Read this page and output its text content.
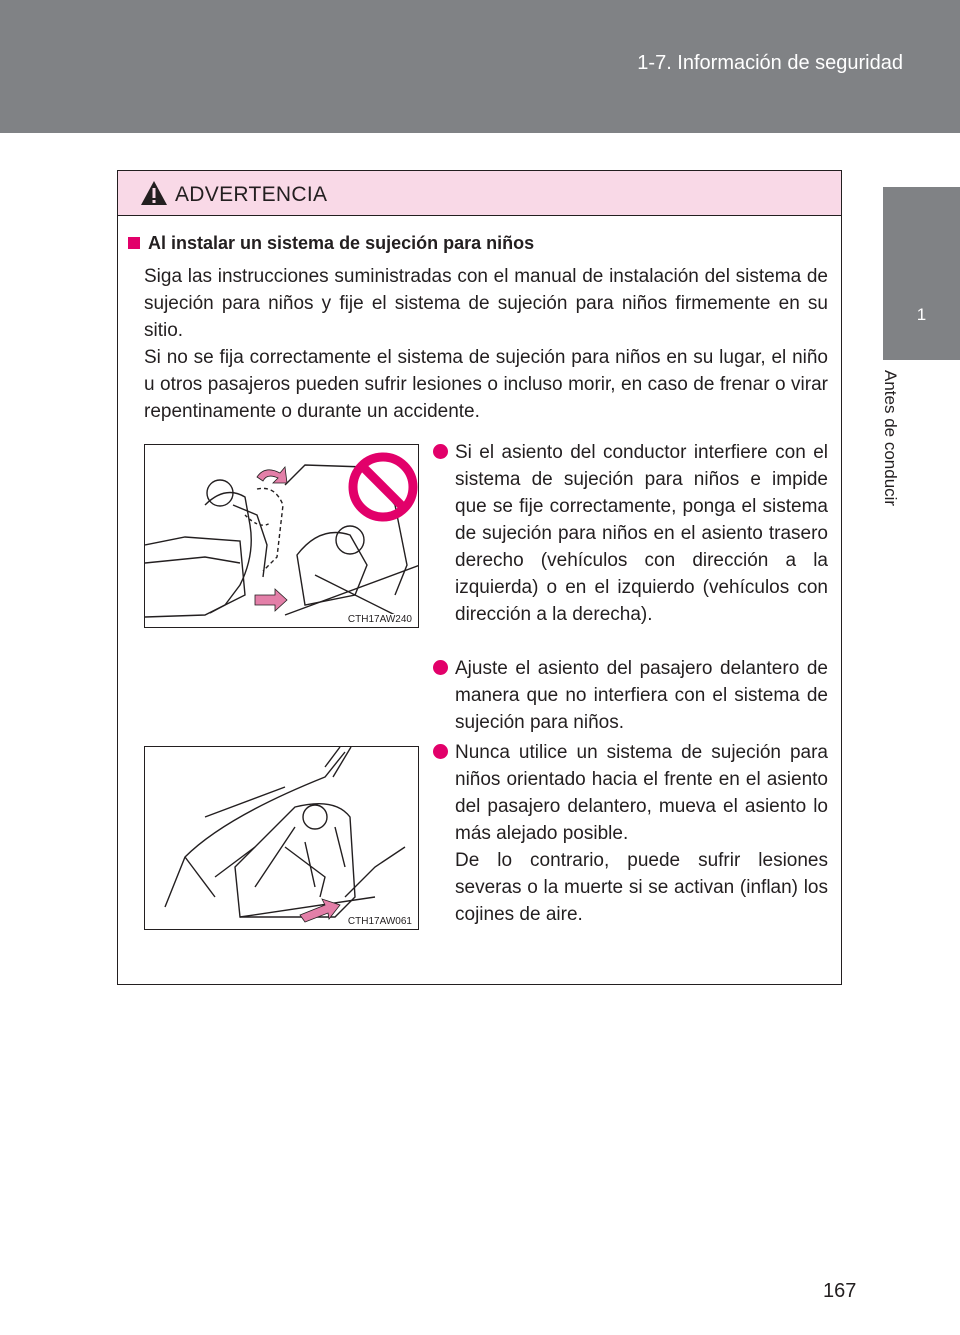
1-7. Información de seguridad
1
Antes de conducir
ADVERTENCIA
Al instalar un sistema de sujeción para niños
Siga las instrucciones suministradas con el manual de instalación del sistema de sujeción para niños y fije el sistema de sujeción para niños firmemente en su sitio.
Si no se fija correctamente el sistema de sujeción para niños en su lugar, el niño u otros pasajeros pueden sufrir lesiones o incluso morir, en caso de frenar o virar repentinamente o durante un accidente.
CTH17AW240
CTH17AW061

Si el asiento del conductor interfiere con el sistema de sujeción para niños e impide que se fije correctamente, ponga el sistema de sujeción para niños en el asiento trasero derecho (vehículos con dirección a la izquierda) o en el izquierdo (vehículos con dirección a la derecha).

Ajuste el asiento del pasajero delantero de manera que no interfiera con el sistema de sujeción para niños.

Nunca utilice un sistema de sujeción para niños orientado hacia el frente en el asiento del pasajero delantero, mueva el asiento lo más alejado posible.

De lo contrario, puede sufrir lesiones severas o la muerte si se activan (inflan) los cojines de aire.

167
